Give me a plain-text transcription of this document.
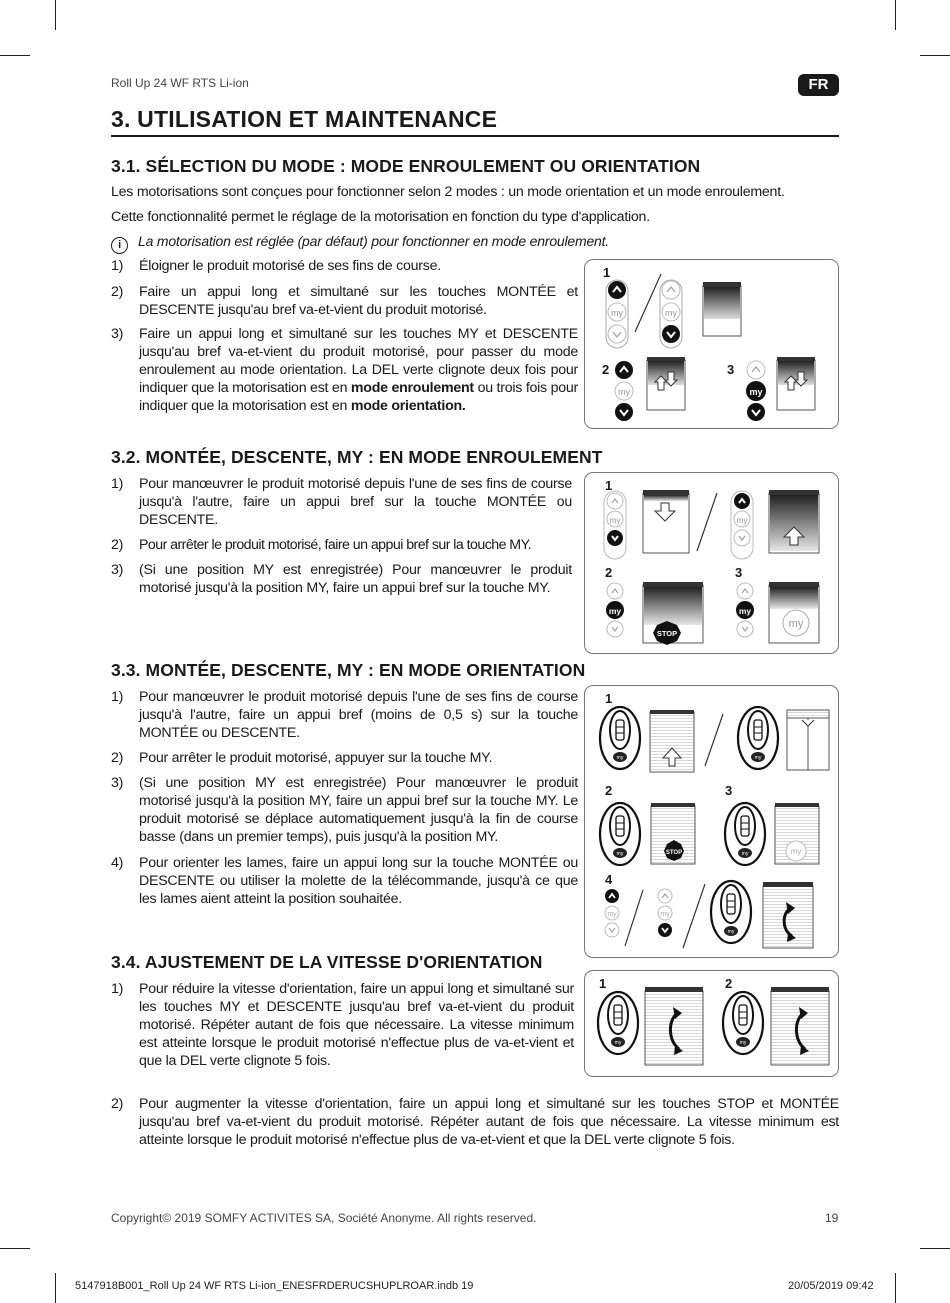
Roll Up 24 WF RTS Li-ion	FR
3. UTILISATION ET MAINTENANCE
3.1. SÉLECTION DU MODE : MODE ENROULEMENT OU ORIENTATION
Les motorisations sont conçues pour fonctionner selon 2 modes : un mode orientation et un mode enroulement.
Cette fonctionnalité permet le réglage de la motorisation en fonction du type d'application.
i La motorisation est réglée (par défaut) pour fonctionner en mode enroulement.
1) Éloigner le produit motorisé de ses fins de course.
2) Faire un appui long et simultané sur les touches MONTÉE et DESCENTE jusqu'au bref va-et-vient du produit motorisé.
3) Faire un appui long et simultané sur les touches MY et DESCENTE jusqu'au bref va-et-vient du produit motorisé, pour passer du mode enroulement au mode orientation. La DEL verte clignote deux fois pour indiquer que la motorisation est en mode enroulement ou trois fois pour indiquer que la motorisation est en mode orientation.
1
2	3
my	my
my	my
3.2. MONTÉE, DESCENTE, MY : EN MODE ENROULEMENT
1) Pour manœuvrer le produit motorisé depuis l'une de ses fins de course jusqu'à l'autre, faire un appui bref sur la touche MONTÉE ou DESCENTE.
2) Pour arrêter le produit motorisé, faire un appui bref sur la touche MY.
3) (Si une position MY est enregistrée) Pour manœuvrer le produit motorisé jusqu'à la position MY, faire un appui bref sur la touche MY.
1
2	3
my	my
my
STOP
my
my
3.3. MONTÉE, DESCENTE, MY : EN MODE ORIENTATION
1) Pour manœuvrer le produit motorisé depuis l'une de ses fins de course jusqu'à l'autre, faire un appui bref (moins de 0,5 s) sur la touche MONTÉE ou DESCENTE.
2) Pour arrêter le produit motorisé, appuyer sur la touche MY.
3) (Si une position MY est enregistrée) Pour manœuvrer le produit motorisé jusqu'à la position MY, faire un appui bref sur la touche MY. Le produit motorisé se déplace automatiquement jusqu'à la fin de course basse (dans un premier temps), puis jusqu'à la position MY.
4) Pour orienter les lames, faire un appui long sur la touche MONTÉE ou DESCENTE ou utiliser la molette de la télécommande, jusqu'à ce que les lames aient atteint la position souhaitée.
1
2	3
4
my	my
my	STOP	my	my
my	my
my
3.4. AJUSTEMENT DE LA VITESSE D'ORIENTATION
1) Pour réduire la vitesse d'orientation, faire un appui long et simultané sur les touches MY et DESCENTE jusqu'au bref va-et-vient du produit motorisé. Répéter autant de fois que nécessaire. La vitesse minimum est atteinte lorsque le produit motorisé n'effectue plus de va-et-vient et que la DEL verte clignote 5 fois.
2) Pour augmenter la vitesse d'orientation, faire un appui long et simultané sur les touches STOP et MONTÉE jusqu'au bref va-et-vient du produit motorisé. Répéter autant de fois que nécessaire. La vitesse minimum est atteinte lorsque le produit motorisé n'effectue plus de va-et-vient et que la DEL verte clignote 5 fois.
1	2
my	my
Copyright© 2019 SOMFY ACTIVITES SA, Société Anonyme. All rights reserved.	19
5147918B001_Roll Up 24 WF RTS Li-ion_ENESFRDERUCSHUPLROAR.indb 19	20/05/2019 09:42
